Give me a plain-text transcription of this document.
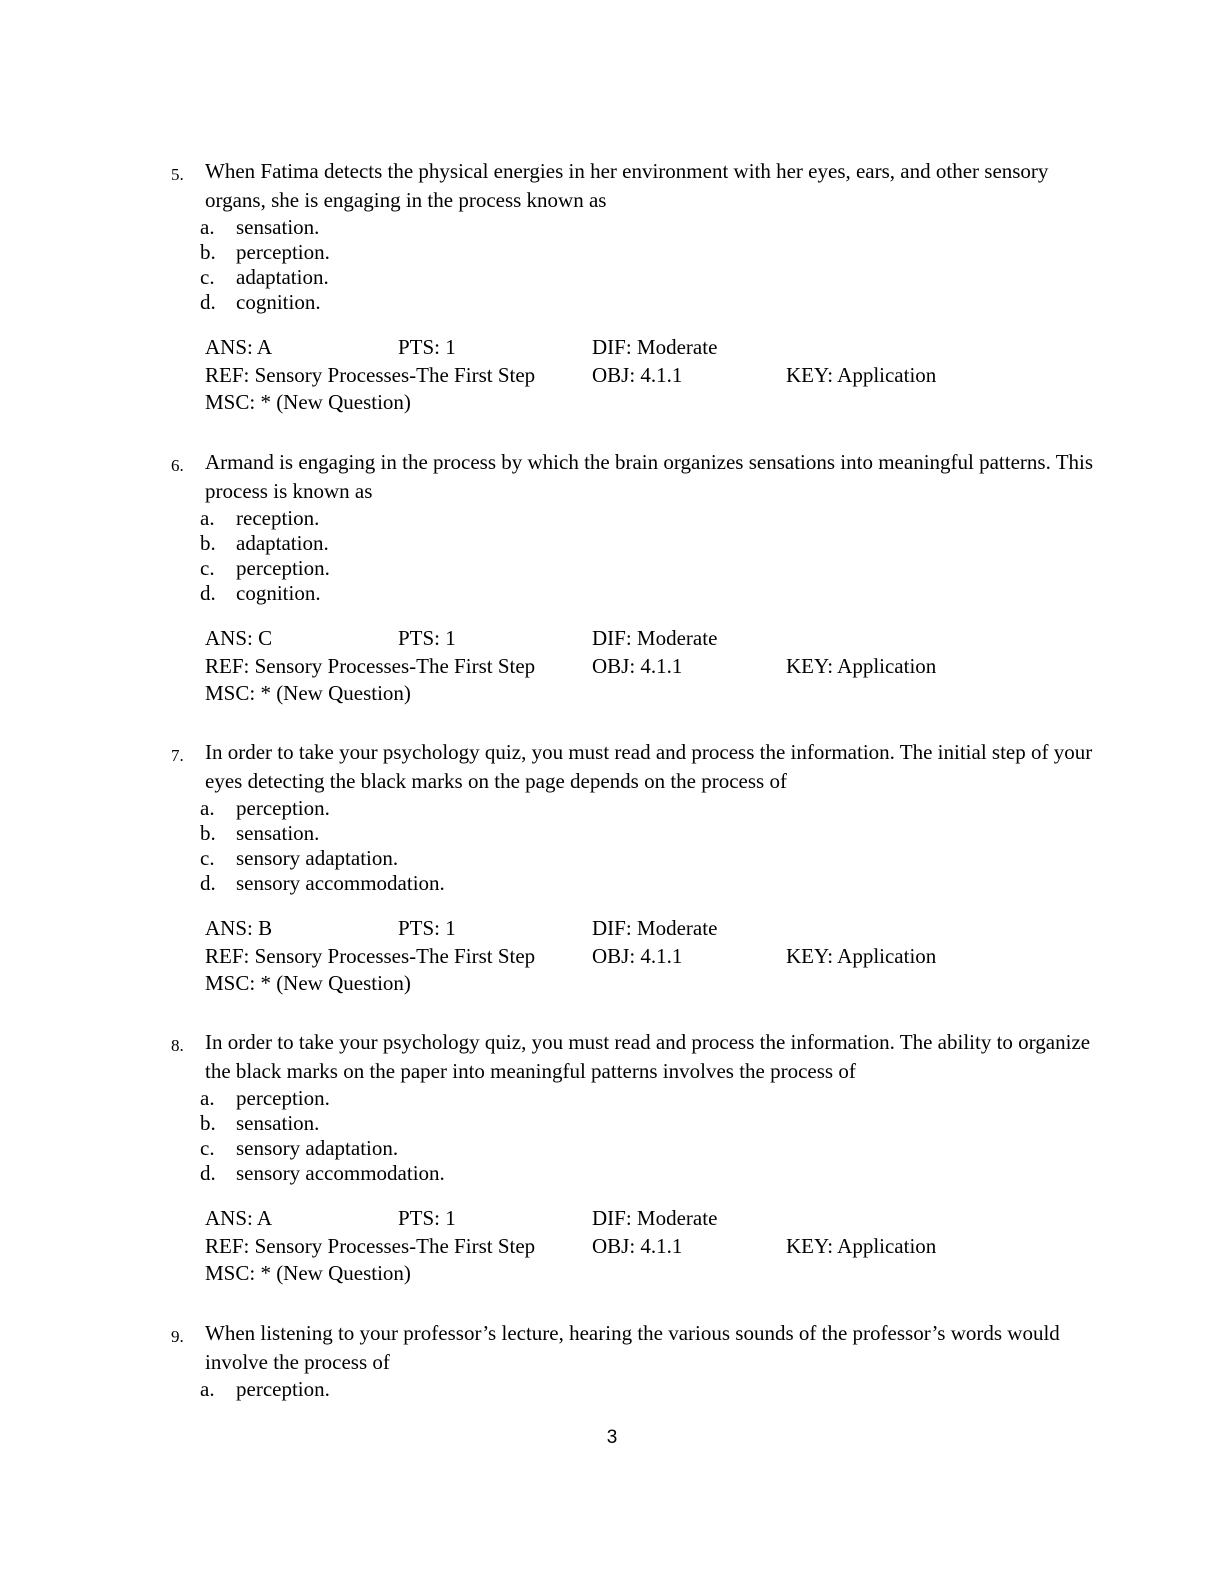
5. When Fatima detects the physical energies in her environment with her eyes, ears, and other sensory organs, she is engaging in the process known as
a. sensation.
b. perception.
c. adaptation.
d. cognition.
ANS: A	PTS: 1	DIF: Moderate
REF: Sensory Processes-The First Step	OBJ: 4.1.1	KEY: Application
MSC: * (New Question)
6. Armand is engaging in the process by which the brain organizes sensations into meaningful patterns. This process is known as
a. reception.
b. adaptation.
c. perception.
d. cognition.
ANS: C	PTS: 1	DIF: Moderate
REF: Sensory Processes-The First Step	OBJ: 4.1.1	KEY: Application
MSC: * (New Question)
7. In order to take your psychology quiz, you must read and process the information. The initial step of your eyes detecting the black marks on the page depends on the process of
a. perception.
b. sensation.
c. sensory adaptation.
d. sensory accommodation.
ANS: B	PTS: 1	DIF: Moderate
REF: Sensory Processes-The First Step	OBJ: 4.1.1	KEY: Application
MSC: * (New Question)
8. In order to take your psychology quiz, you must read and process the information. The ability to organize the black marks on the paper into meaningful patterns involves the process of
a. perception.
b. sensation.
c. sensory adaptation.
d. sensory accommodation.
ANS: A	PTS: 1	DIF: Moderate
REF: Sensory Processes-The First Step	OBJ: 4.1.1	KEY: Application
MSC: * (New Question)
9. When listening to your professor’s lecture, hearing the various sounds of the professor’s words would involve the process of
a. perception.
3
